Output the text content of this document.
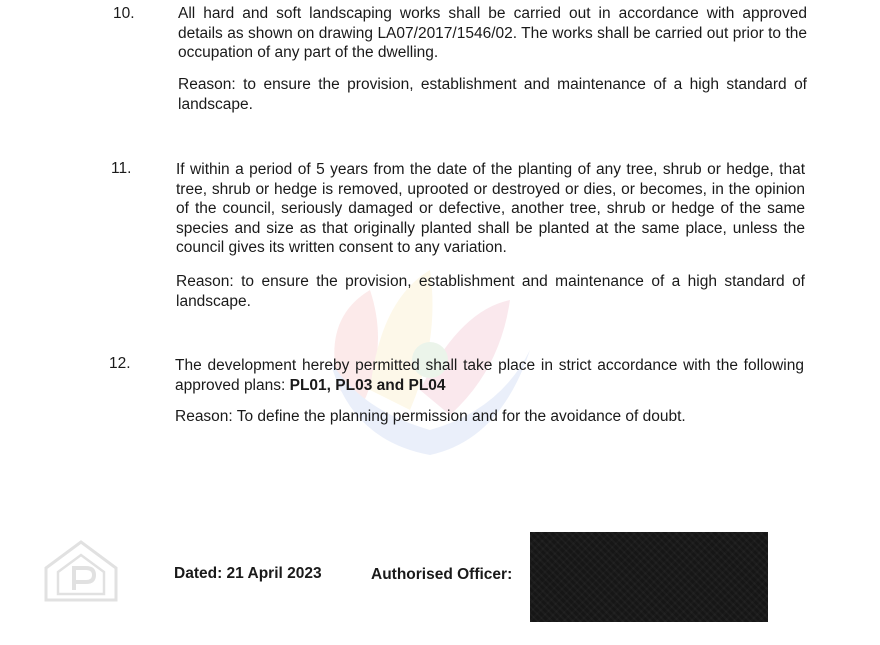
10.	All hard and soft landscaping works shall be carried out in accordance with approved details as shown on drawing LA07/2017/1546/02. The works shall be carried out prior to the occupation of any part of the dwelling.
Reason: to ensure the provision, establishment and maintenance of a high standard of landscape.
11.	If within a period of 5 years from the date of the planting of any tree, shrub or hedge, that tree, shrub or hedge is removed, uprooted or destroyed or dies, or becomes, in the opinion of the council, seriously damaged or defective, another tree, shrub or hedge of the same species and size as that originally planted shall be planted at the same place, unless the council gives its written consent to any variation.
Reason: to ensure the provision, establishment and maintenance of a high standard of landscape.
12.	The development hereby permitted shall take place in strict accordance with the following approved plans: PL01, PL03 and PL04
Reason: To define the planning permission and for the avoidance of doubt.
Dated: 21 April 2023	Authorised Officer:
